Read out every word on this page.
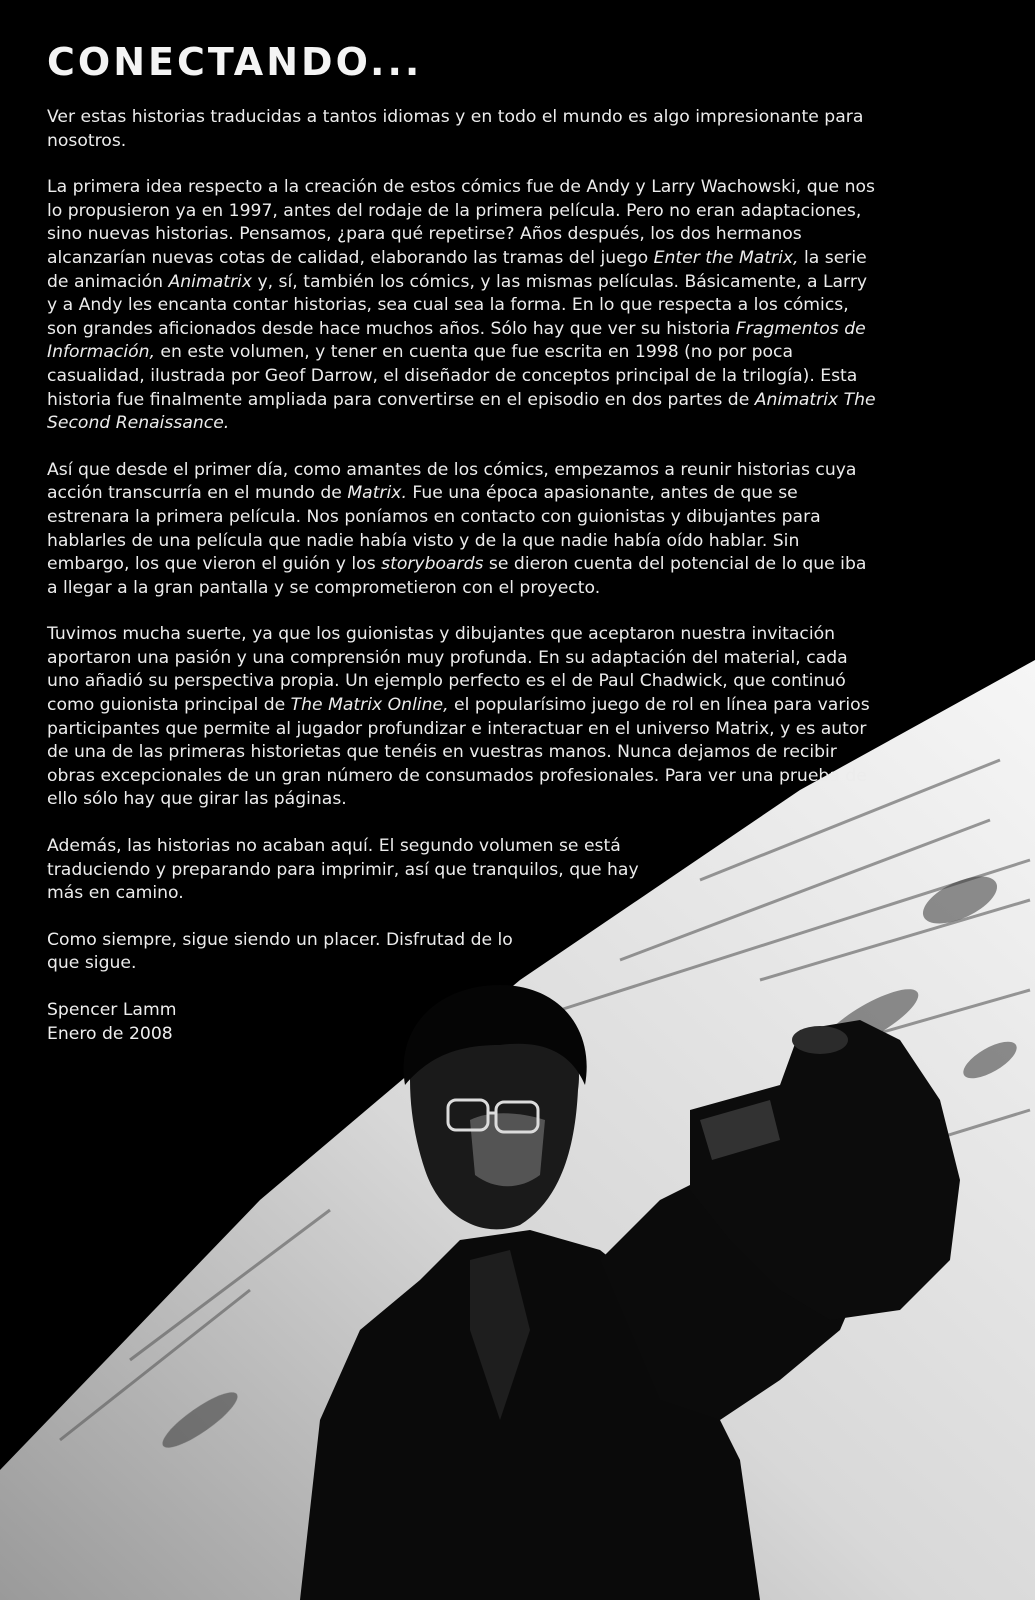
CONECTANDO...

Ver estas historias traducidas a tantos idiomas y en todo el mundo es algo impresionante para nosotros.

La primera idea respecto a la creación de estos cómics fue de Andy y Larry Wachowski, que nos lo propusieron ya en 1997, antes del rodaje de la primera película. Pero no eran adaptaciones, sino nuevas historias. Pensamos, ¿para qué repetirse? Años después, los dos hermanos alcanzarían nuevas cotas de calidad, elaborando las tramas del juego Enter the Matrix, la serie de animación Animatrix y, sí, también los cómics, y las mismas películas. Básicamente, a Larry y a Andy les encanta contar historias, sea cual sea la forma. En lo que respecta a los cómics, son grandes aficionados desde hace muchos años. Sólo hay que ver su historia Fragmentos de Información, en este volumen, y tener en cuenta que fue escrita en 1998 (no por poca casualidad, ilustrada por Geof Darrow, el diseñador de conceptos principal de la trilogía). Esta historia fue finalmente ampliada para convertirse en el episodio en dos partes de Animatrix The Second Renaissance.

Así que desde el primer día, como amantes de los cómics, empezamos a reunir historias cuya acción transcurría en el mundo de Matrix. Fue una época apasionante, antes de que se estrenara la primera película. Nos poníamos en contacto con guionistas y dibujantes para hablarles de una película que nadie había visto y de la que nadie había oído hablar. Sin embargo, los que vieron el guión y los storyboards se dieron cuenta del potencial de lo que iba a llegar a la gran pantalla y se comprometieron con el proyecto.

Tuvimos mucha suerte, ya que los guionistas y dibujantes que aceptaron nuestra invitación aportaron una pasión y una comprensión muy profunda. En su adaptación del material, cada uno añadió su perspectiva propia. Un ejemplo perfecto es el de Paul Chadwick, que continuó como guionista principal de The Matrix Online, el popularísimo juego de rol en línea para varios participantes que permite al jugador profundizar e interactuar en el universo Matrix, y es autor de una de las primeras historietas que tenéis en vuestras manos. Nunca dejamos de recibir obras excepcionales de un gran número de consumados profesionales. Para ver una prueba de ello sólo hay que girar las páginas.

Además, las historias no acaban aquí. El segundo volumen se está traduciendo y preparando para imprimir, así que tranquilos, que hay más en camino.

Como siempre, sigue siendo un placer. Disfrutad de lo que sigue.

Spencer Lamm
Enero de 2008
